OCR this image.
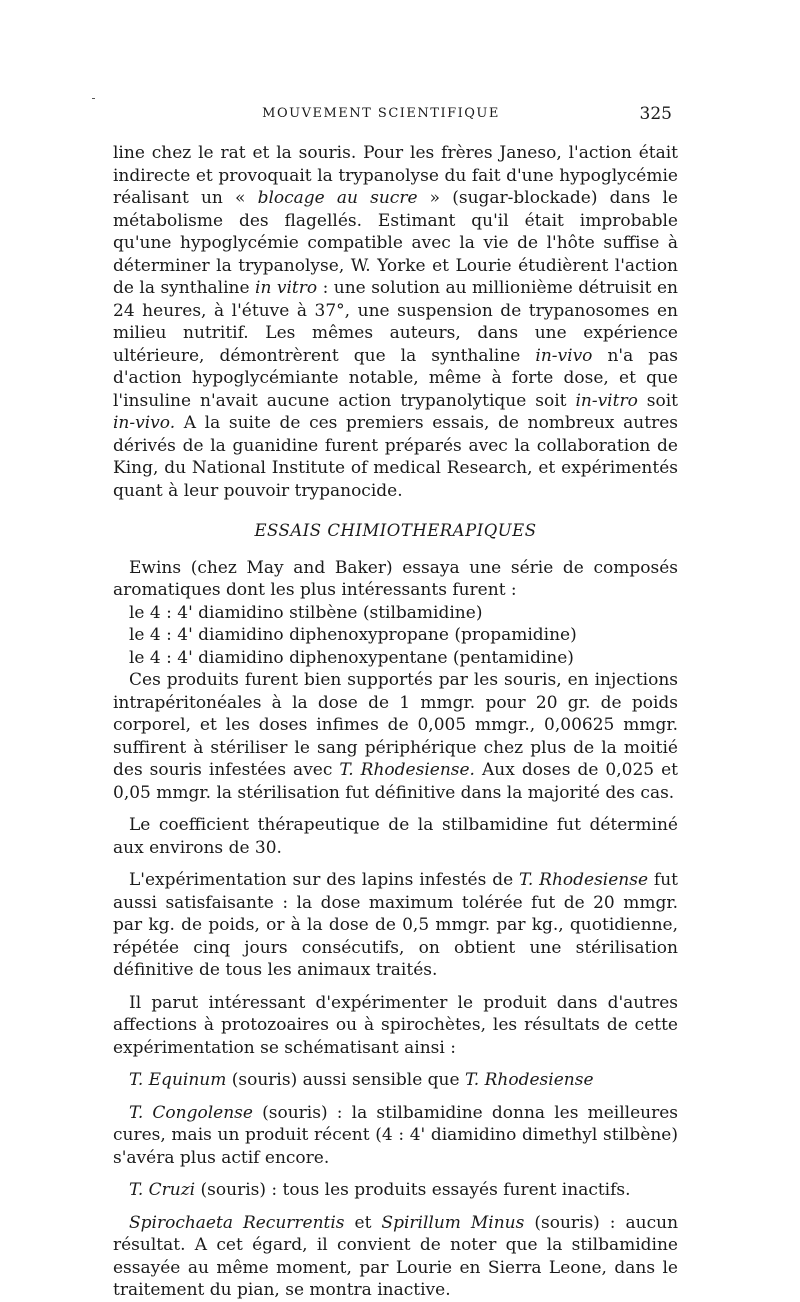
MOUVEMENT SCIENTIFIQUE	325

line chez le rat et la souris. Pour les frères Janeso, l'action était indirecte et provoquait la trypanolyse du fait d'une hypoglycémie réalisant un « blocage au sucre » (sugar-blockade) dans le métabolisme des flagellés. Estimant qu'il était improbable qu'une hypoglycémie compatible avec la vie de l'hôte suffise à déterminer la trypanolyse, W. Yorke et Lourie étudièrent l'action de la synthaline in vitro : une solution au millionième détruisit en 24 heures, à l'étuve à 37°, une suspension de trypanosomes en milieu nutritif. Les mêmes auteurs, dans une expérience ultérieure, démontrèrent que la synthaline in-vivo n'a pas d'action hypoglycémiante notable, même à forte dose, et que l'insuline n'avait aucune action trypanolytique soit in-vitro soit in-vivo. A la suite de ces premiers essais, de nombreux autres dérivés de la guanidine furent préparés avec la collaboration de King, du National Institute of medical Research, et expérimentés quant à leur pouvoir trypanocide.

ESSAIS CHIMIOTHERAPIQUES

Ewins (chez May and Baker) essaya une série de composés aromatiques dont les plus intéressants furent :

le 4 : 4' diamidino stilbène (stilbamidine)

le 4 : 4' diamidino diphenoxypropane (propamidine)

le 4 : 4' diamidino diphenoxypentane (pentamidine)

Ces produits furent bien supportés par les souris, en injections intrapéritonéales à la dose de 1 mmgr. pour 20 gr. de poids corporel, et les doses infimes de 0,005 mmgr., 0,00625 mmgr. suffirent à stériliser le sang périphérique chez plus de la moitié des souris infestées avec T. Rhodesiense. Aux doses de 0,025 et 0,05 mmgr. la stérilisation fut définitive dans la majorité des cas.

Le coefficient thérapeutique de la stilbamidine fut déterminé aux environs de 30.

L'expérimentation sur des lapins infestés de T. Rhodesiense fut aussi satisfaisante : la dose maximum tolérée fut de 20 mmgr. par kg. de poids, or à la dose de 0,5 mmgr. par kg., quotidienne, répétée cinq jours consécutifs, on obtient une stérilisation définitive de tous les animaux traités.

Il parut intéressant d'expérimenter le produit dans d'autres affections à protozoaires ou à spirochètes, les résultats de cette expérimentation se schématisant ainsi :

T. Equinum (souris) aussi sensible que T. Rhodesiense

T. Congolense (souris) : la stilbamidine donna les meilleures cures, mais un produit récent (4 : 4' diamidino dimethyl stilbène) s'avéra plus actif encore.

T. Cruzi (souris) : tous les produits essayés furent inactifs.

Spirochaeta Recurrentis et Spirillum Minus (souris) : aucun résultat. A cet égard, il convient de noter que la stilbamidine essayée au même moment, par Lourie en Sierra Leone, dans le traitement du pian, se montra inactive.
